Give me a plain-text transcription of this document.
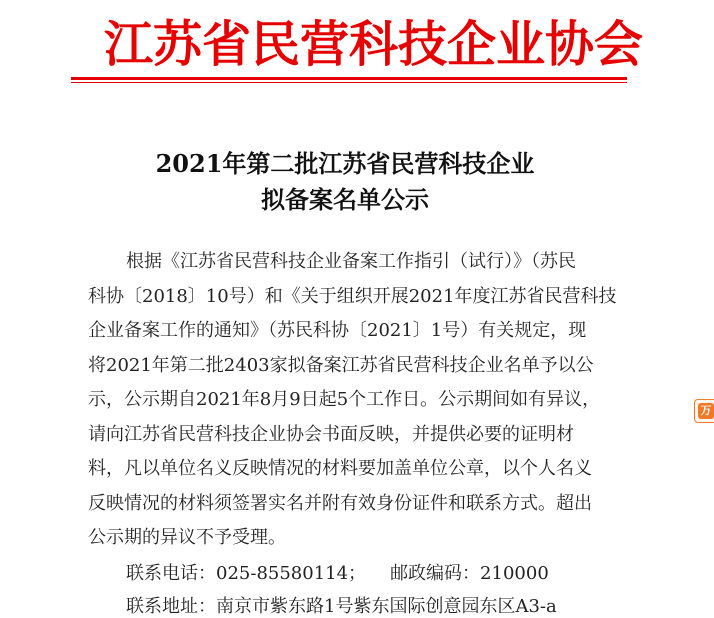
江苏省民营科技企业协会
2021年第二批江苏省民营科技企业
拟备案名单公示
根据《江苏省民营科技企业备案工作指引（试行）》（苏民
科协〔2018〕10号）和《关于组织开展2021年度江苏省民营科技
企业备案工作的通知》（苏民科协〔2021〕1号）有关规定，现
将2021年第二批2403家拟备案江苏省民营科技企业名单予以公
示，公示期自2021年8月9日起5个工作日。公示期间如有异议，
请向江苏省民营科技企业协会书面反映，并提供必要的证明材
料，凡以单位名义反映情况的材料要加盖单位公章，以个人名义
反映情况的材料须签署实名并附有效身份证件和联系方式。超出
公示期的异议不予受理。
联系电话：025-85580114； 邮政编码：210000
联系地址：南京市紫东路1号紫东国际创意园东区A3-a
万
